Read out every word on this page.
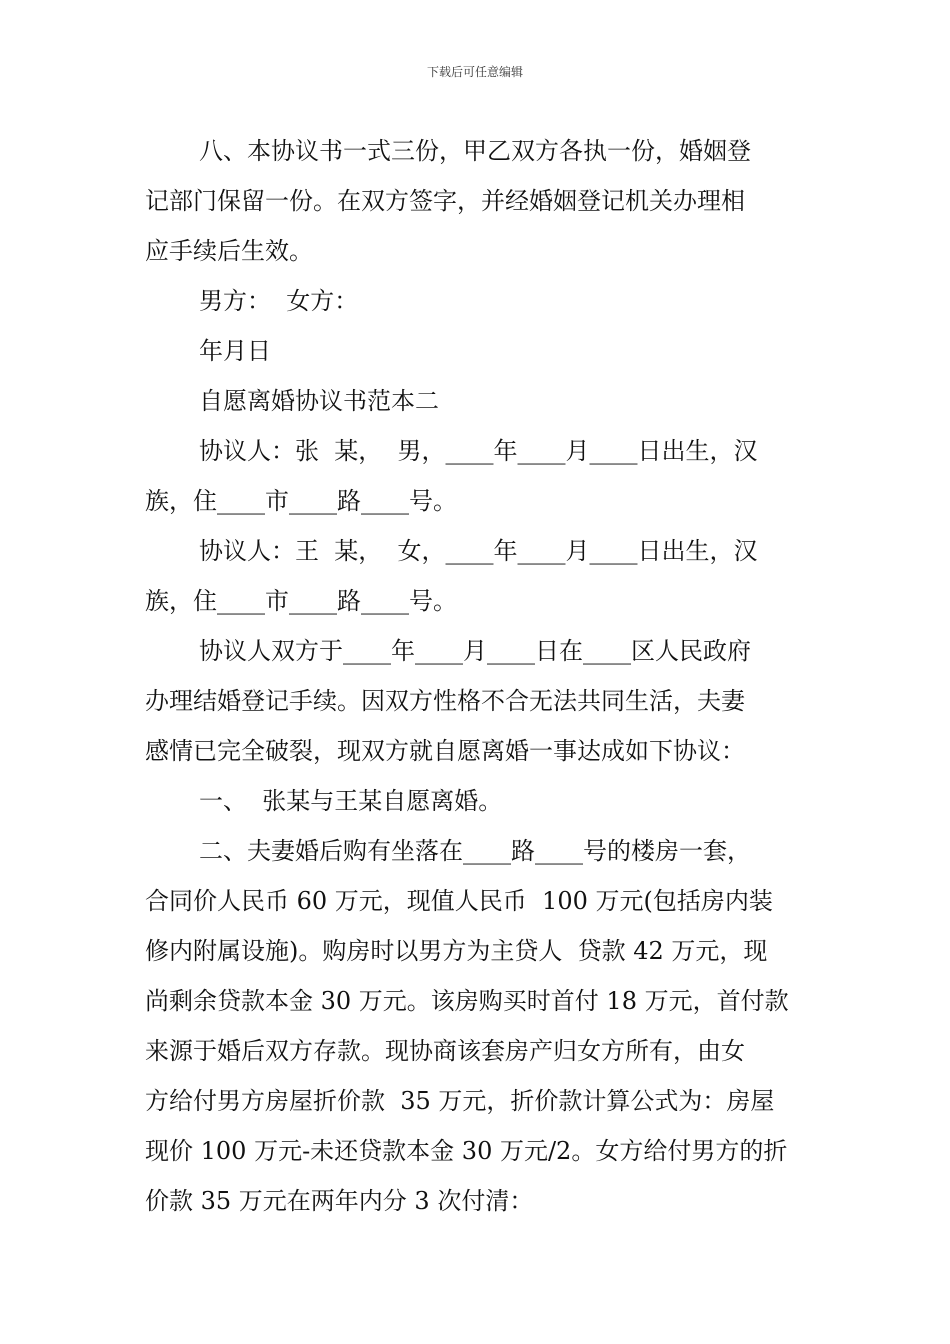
下载后可任意编辑
八、本协议书一式三份，甲乙双方各执一份，婚姻登
记部门保留一份。在双方签字，并经婚姻登记机关办理相
应手续后生效。
男方：  女方：
年月日
自愿离婚协议书范本二
协议人：张  某，  男，____年____月____日出生，汉
族，住____市____路____号。
协议人：王  某，  女，____年____月____日出生，汉
族，住____市____路____号。
协议人双方于____年____月____日在____区人民政府
办理结婚登记手续。因双方性格不合无法共同生活，夫妻
感情已完全破裂，现双方就自愿离婚一事达成如下协议：
一、  张某与王某自愿离婚。
二、夫妻婚后购有坐落在____路____号的楼房一套，
合同价人民币 60 万元，现值人民币  100 万元(包括房内装
修内附属设施)。购房时以男方为主贷人  贷款 42 万元，现
尚剩余贷款本金 30 万元。该房购买时首付 18 万元，首付款
来源于婚后双方存款。现协商该套房产归女方所有，由女
方给付男方房屋折价款  35 万元，折价款计算公式为：房屋
现价 100 万元-未还贷款本金 30 万元/2。女方给付男方的折
价款 35 万元在两年内分 3 次付清：
